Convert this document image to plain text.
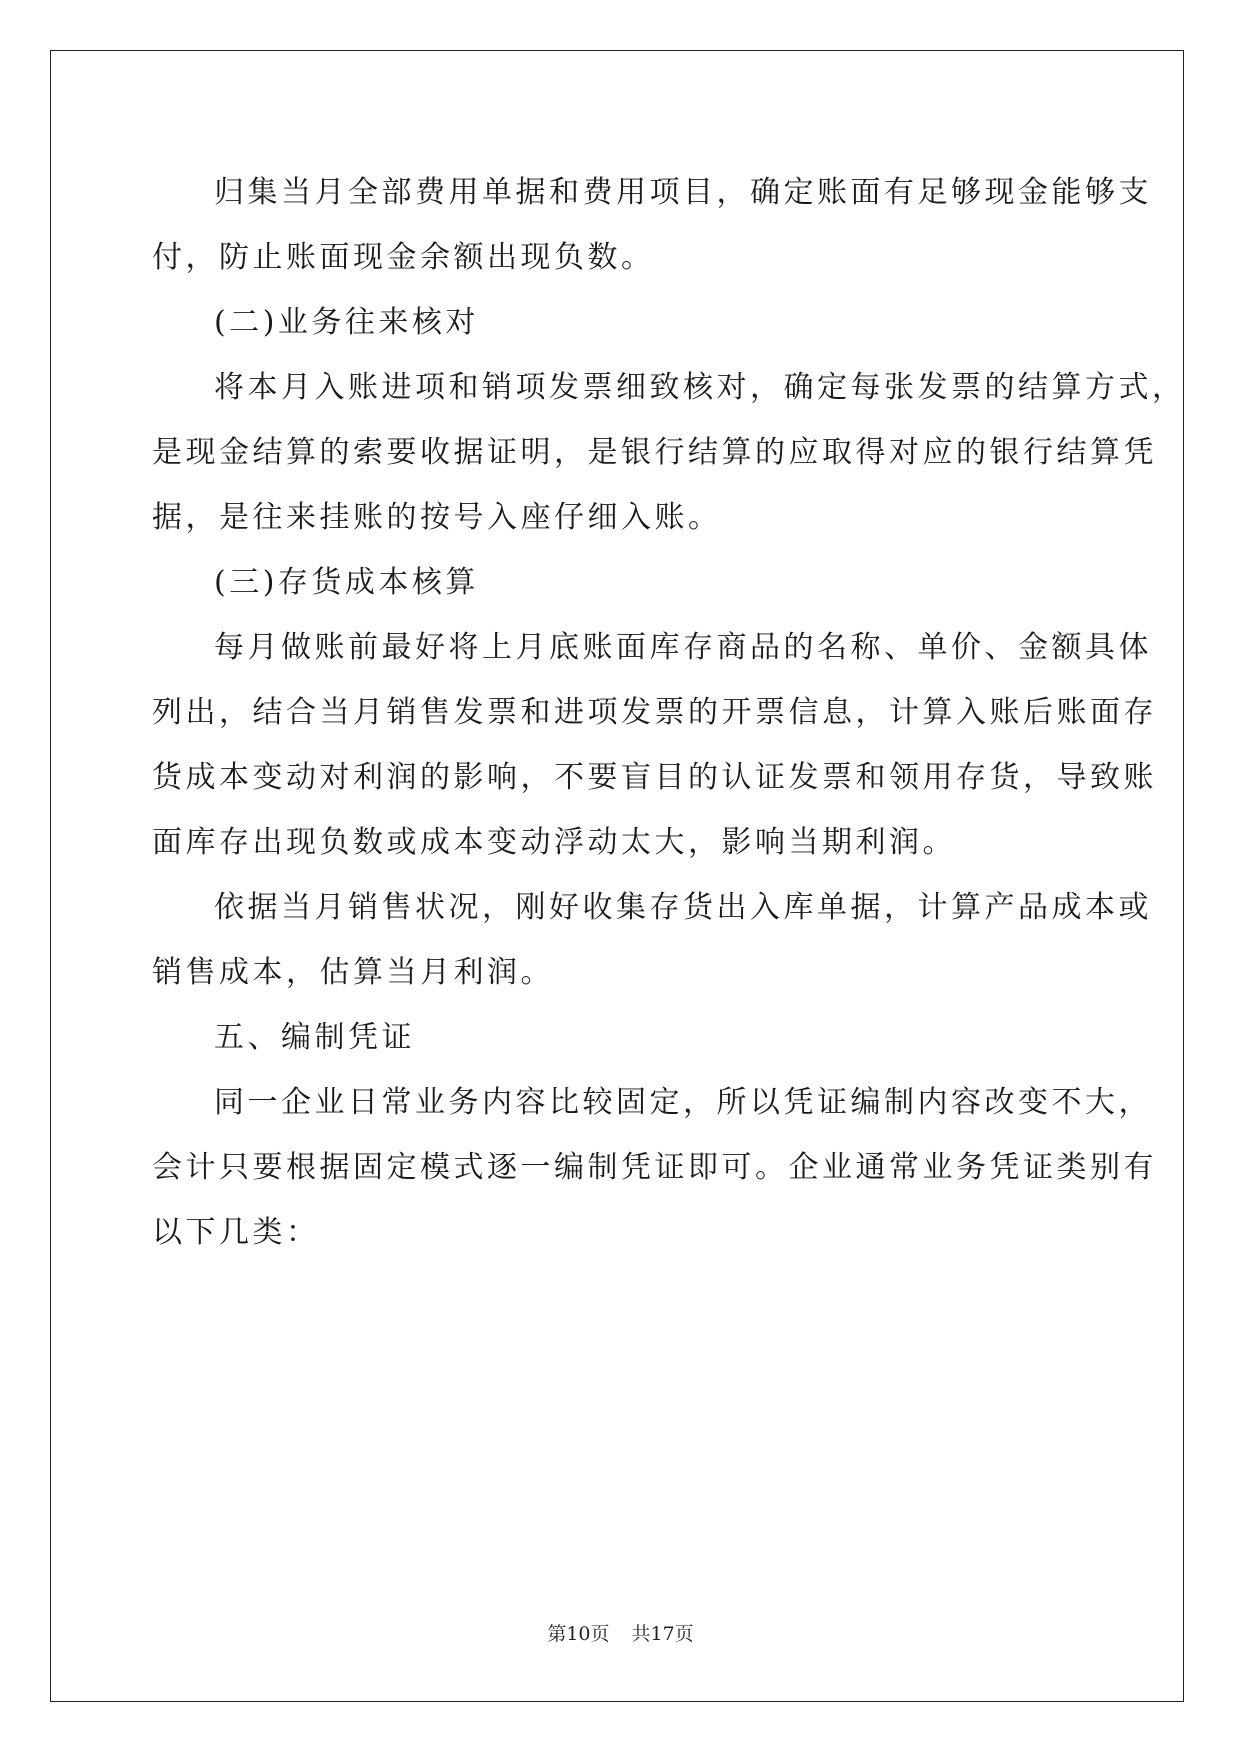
归集当月全部费用单据和费用项目，确定账面有足够现金能够支
付，防止账面现金余额出现负数。
(二)业务往来核对
将本月入账进项和销项发票细致核对，确定每张发票的结算方式，
是现金结算的索要收据证明，是银行结算的应取得对应的银行结算凭
据，是往来挂账的按号入座仔细入账。
(三)存货成本核算
每月做账前最好将上月底账面库存商品的名称、单价、金额具体
列出，结合当月销售发票和进项发票的开票信息，计算入账后账面存
货成本变动对利润的影响，不要盲目的认证发票和领用存货，导致账
面库存出现负数或成本变动浮动太大，影响当期利润。
依据当月销售状况，刚好收集存货出入库单据，计算产品成本或
销售成本，估算当月利润。
五、编制凭证
同一企业日常业务内容比较固定，所以凭证编制内容改变不大，
会计只要根据固定模式逐一编制凭证即可。企业通常业务凭证类别有
以下几类：
第10页 共17页
